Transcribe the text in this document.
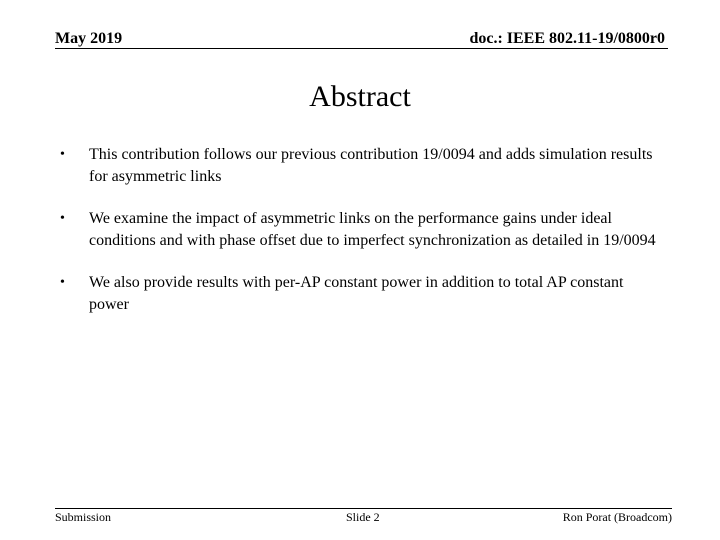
May 2019	doc.: IEEE 802.11-19/0800r0
Abstract
• This contribution follows our previous contribution 19/0094 and adds simulation results for asymmetric links
• We examine the impact of asymmetric links on the performance gains under ideal conditions and with phase offset due to imperfect synchronization as detailed in 19/0094
• We also provide results with per-AP constant power in addition to total AP constant power
Submission	Slide 2	Ron Porat (Broadcom)
